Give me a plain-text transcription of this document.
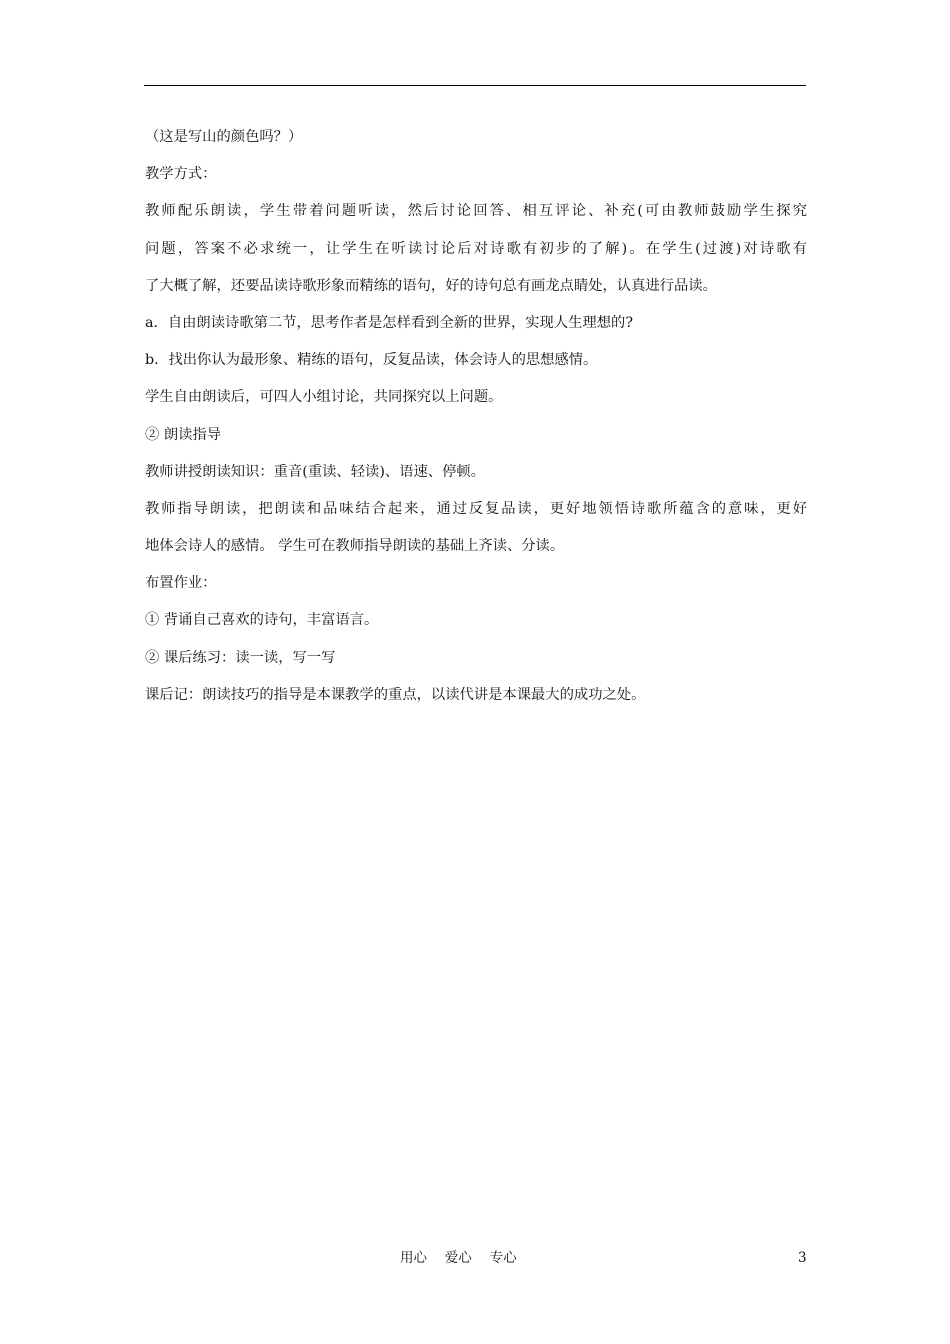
（这是写山的颜色吗？）
教学方式：
教师配乐朗读，学生带着问题听读，然后讨论回答、相互评论、补充(可由教师鼓励学生探究
问题，答案不必求统一，让学生在听读讨论后对诗歌有初步的了解)。在学生(过渡)对诗歌有
了大概了解，还要品读诗歌形象而精练的语句，好的诗句总有画龙点睛处，认真进行品读。
a．自由朗读诗歌第二节，思考作者是怎样看到全新的世界，实现人生理想的?
b．找出你认为最形象、精练的语句，反复品读，体会诗人的思想感情。
学生自由朗读后，可四人小组讨论，共同探究以上问题。
② 朗读指导
教师讲授朗读知识：重音(重读、轻读)、语速、停顿。
教师指导朗读，把朗读和品味结合起来，通过反复品读，更好地领悟诗歌所蕴含的意味，更好
地体会诗人的感情。 学生可在教师指导朗读的基础上齐读、分读。
布置作业：
① 背诵自己喜欢的诗句，丰富语言。
② 课后练习：读一读，写一写
课后记：朗读技巧的指导是本课教学的重点，以读代讲是本课最大的成功之处。
用心　 爱心　 专心	3
